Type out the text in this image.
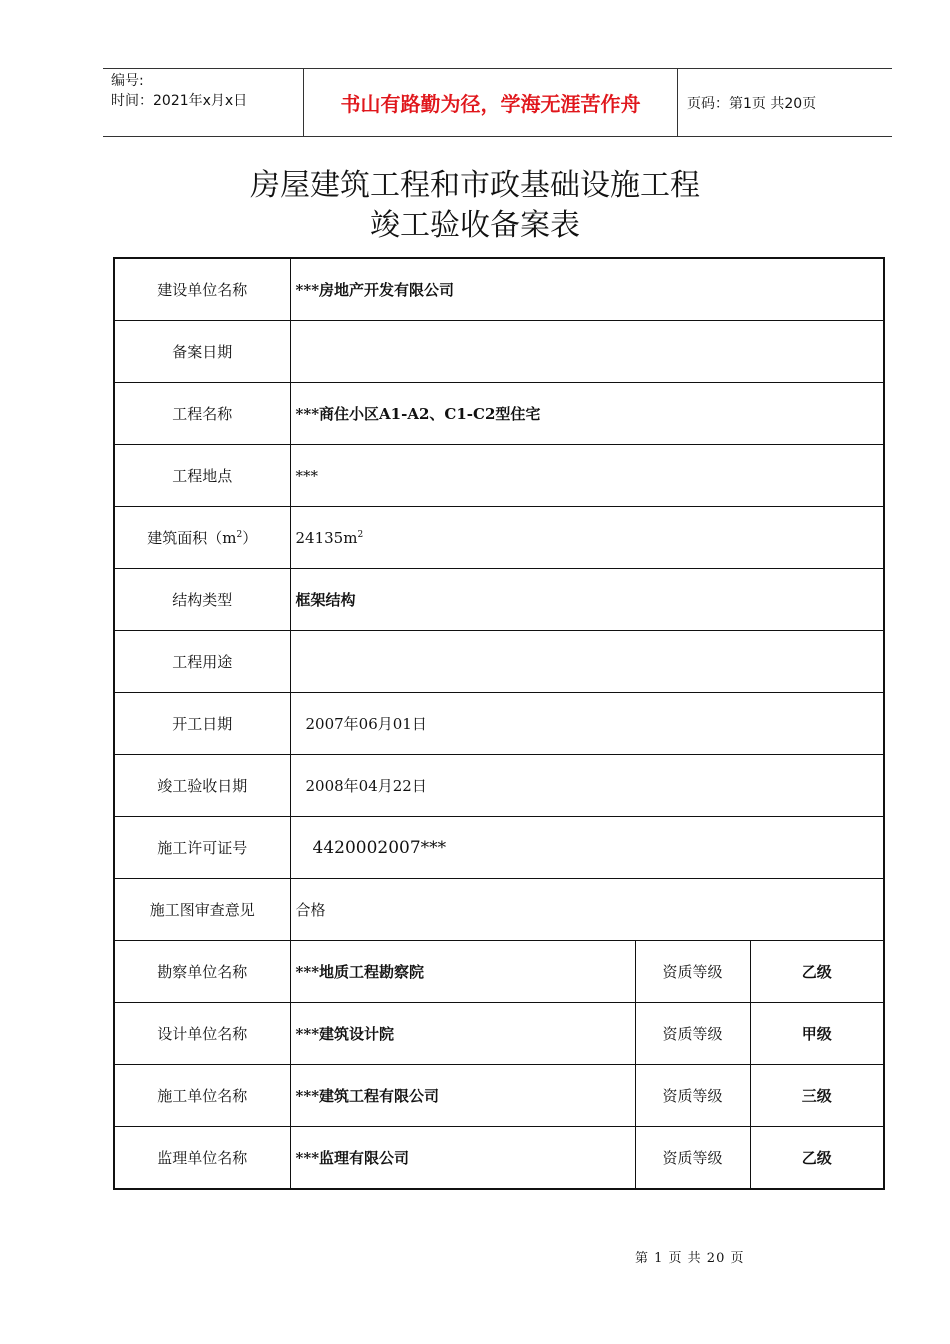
编号:
时间：2021年x月x日	书山有路勤为径，学海无涯苦作舟	页码：第1页 共20页
房屋建筑工程和市政基础设施工程
竣工验收备案表
建设单位名称	***房地产开发有限公司		
备案日期			
工程名称	***商住小区A1-A2、C1-C2型住宅		
工程地点	***		
建筑面积$(m^2)$	$24135m^2$
结构类型	框架结构		
工程用途			
开工日期	2007年06月01日		
竣工验收日期	2008年04月22日		
施工许可证号	4420002007***		
施工图审查意见	合格		
勘察单位名称	***地质工程勘察院	资质等级	乙级
设计单位名称	***建筑设计院	资质等级	甲级
施工单位名称	***建筑工程有限公司	资质等级	三级
监理单位名称	***监理有限公司	资质等级	乙级
第 1 页 共 20 页
